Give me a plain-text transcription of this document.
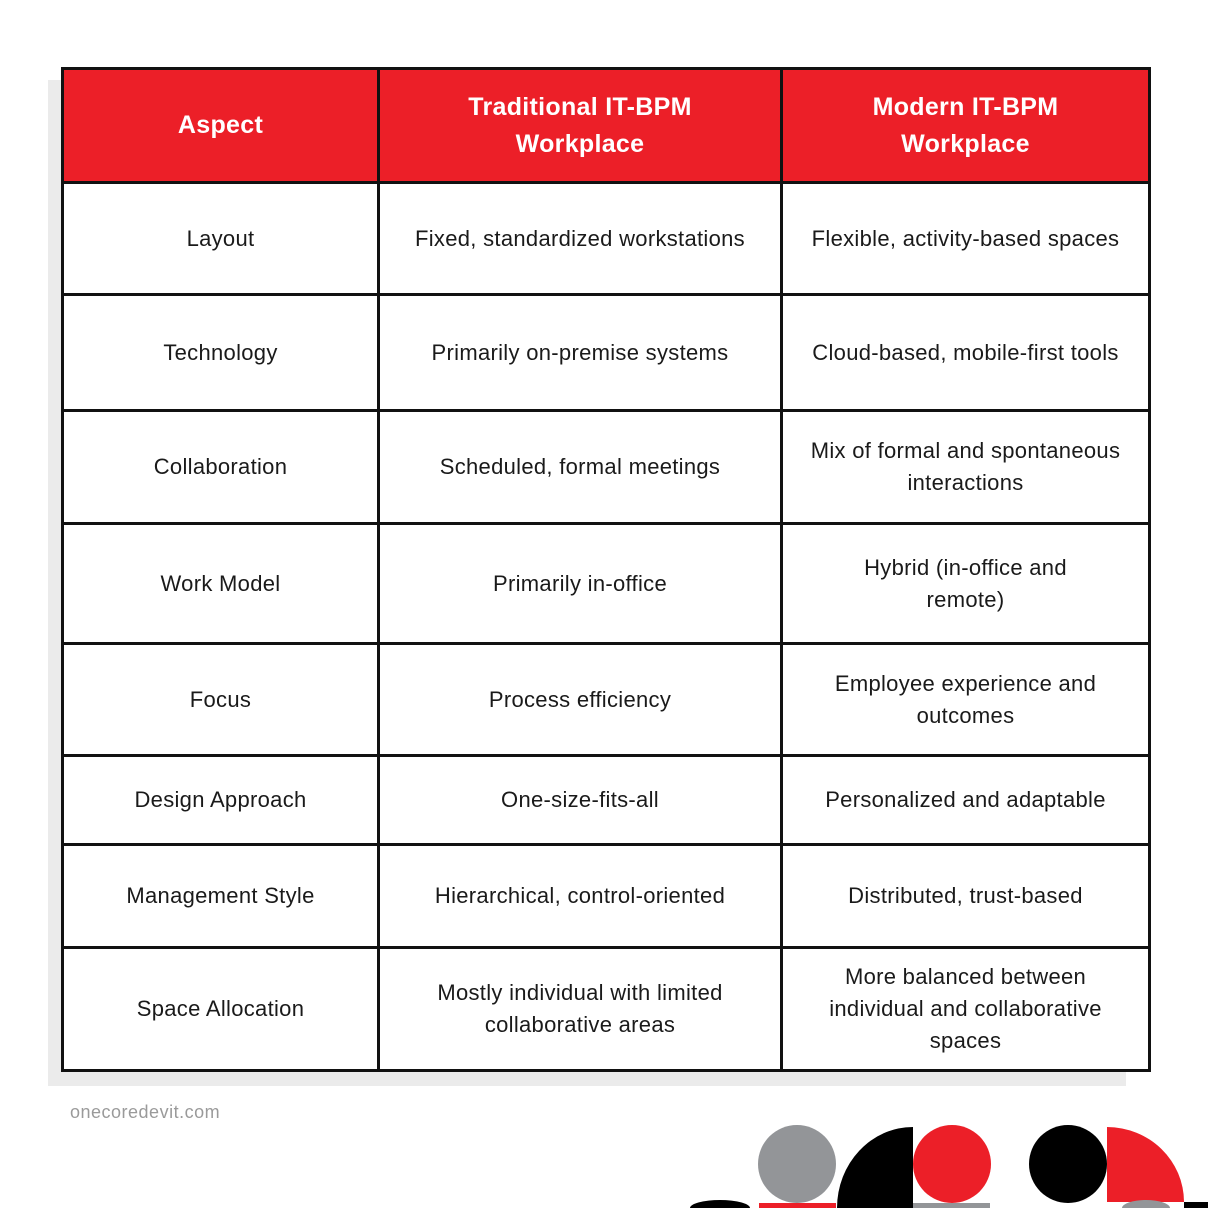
Aspect	Traditional IT-BPM Workplace	Modern IT-BPM Workplace
Layout	Fixed, standardized workstations	Flexible, activity-based spaces
Technology	Primarily on-premise systems	Cloud-based, mobile-first tools
Collaboration	Scheduled, formal meetings	Mix of formal and spontaneous interactions
Work Model	Primarily in-office	Hybrid (in-office and remote)
Focus	Process efficiency	Employee experience and outcomes
Design Approach	One-size-fits-all	Personalized and adaptable
Management Style	Hierarchical, control-oriented	Distributed, trust-based
Space Allocation	Mostly individual with limited collaborative areas	More balanced between individual and collaborative spaces
onecoredevit.com
